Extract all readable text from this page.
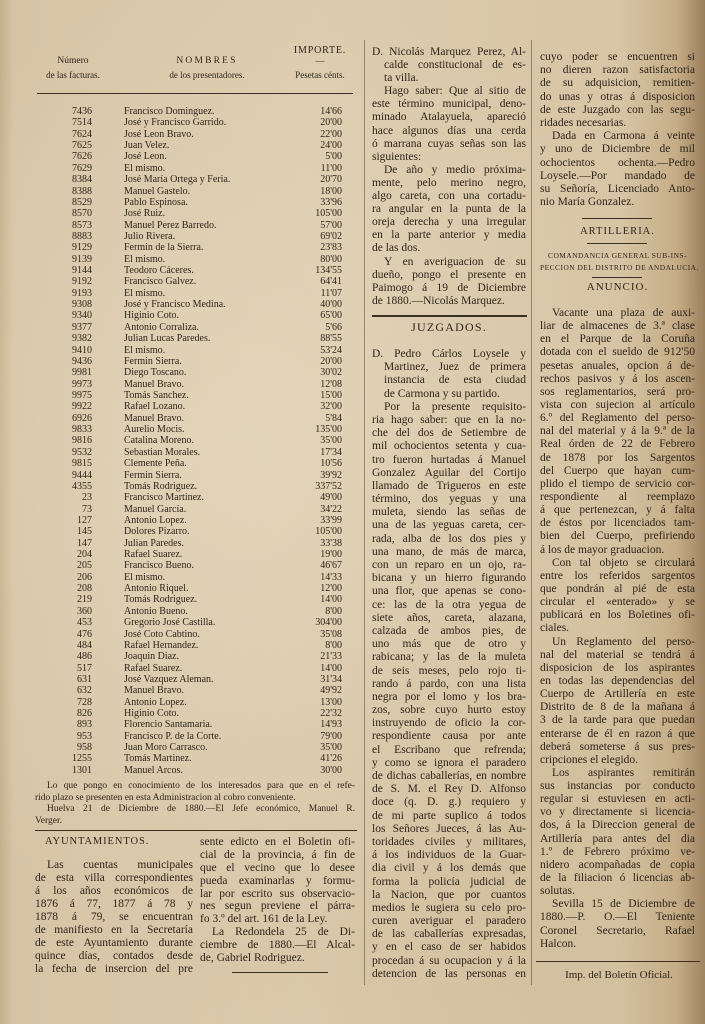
IMPORTE.
Número	NOMBRES	—
de las facturas.	de los presentadores.	Pesetas cénts.
7436	Francisco Dominguez.	14'66
7514	José y Francisco Garrido.	20'00
7624	José Leon Bravo.	22'00
7625	Juan Velez.	24'00
7626	José Leon.	5'00
7629	El mismo.	11'00
8384	José María Ortega y Feria.	20'70
8388	Manuel Gastelo.	18'00
8529	Pablo Espinosa.	33'96
8570	José Ruiz.	105'00
8573	Manuel Perez Barredo.	57'00
8883	Julio Rivera.	69'02
9129	Fermin de la Sierra.	23'83
9139	El mismo.	80'00
9144	Teodoro Cáceres.	134'55
9192	Francisco Galvez.	64'41
9193	El mismo.	11'07
9308	José y Francisco Medina.	40'00
9340	Higinio Coto.	65'00
9377	Antonio Corraliza.	5'66
9382	Julian Lucas Paredes.	88'55
9410	El mismo.	53'24
9436	Fermin Sierra.	20'00
9981	Diego Toscano.	30'02
9973	Manuel Bravo.	12'08
9975	Tomás Sanchez.	15'00
9922	Rafael Lozano.	32'00
6926	Manuel Bravo.	5'84
9833	Aurelio Mocis.	135'00
9816	Catalina Moreno.	35'00
9532	Sebastian Morales.	17'34
9815	Clemente Peña.	10'56
9444	Fermin Sierra.	39'92
4355	Tomás Rodriguez.	337'52
23	Francisco Martinez.	49'00
73	Manuel García.	34'22
127	Antonio Lopez.	33'99
145	Dolores Pizarro.	105'00
147	Julian Paredes.	33'38
204	Rafael Suarez.	19'00
205	Francisco Bueno.	46'67
206	El mismo.	14'33
208	Antonio Riquel.	12'00
219	Tomás Rodriguez.	14'00
360	Antonio Bueno.	8'00
453	Gregorio José Castilla.	304'00
476	José Coto Cabtino.	35'08
484	Rafael Hernandez.	8'00
486	Joaquin Diaz.	21'33
517	Rafael Suarez.	14'00
631	José Vazquez Aleman.	31'34
632	Manuel Bravo.	49'92
728	Antonio Lopez.	13'00
826	Higinio Coto.	22'32
893	Florencio Santamaria.	14'93
953	Francisco P. de la Corte.	79'00
958	Juan Moro Carrasco.	35'00
1255	Tomás Martinez.	41'26
1301	Manuel Arcos.	30'00
Lo que pongo en conocimiento de los interesados para que en el refe-
rido plazo se presenten en esta Administracion al cobro conveniente.
Huelva 21 de Diciembre de 1880.—El Jefe económico, Manuel R.
Verger.
AYUNTAMIENTOS.
Las cuentas municipales
de esta villa correspondientes
á los años económicos de
1876 á 77, 1877 á 78 y
1878 á 79, se encuentran
de manifiesto en la Secretaría
de este Ayuntamiento durante
quince días, contados desde
la fecha de insercion del pre
sente edicto en el Boletin ofi-
cial de la provincia, á fin de
que el vecino que lo desee
pueda examinarlas y formu-
lar por escrito sus observacio-
nes segun previene el párra-
fo 3.º del art. 161 de la Ley.
La Redondela 25 de Di-
ciembre de 1880.—El Alcal-
de, Gabriel Rodriguez.
D. Nicolás Marquez Perez, Al-
calde constitucional de es-
ta villa.
Hago saber: Que al sitio de
este término municipal, deno-
minado Atalayuela, apareció
hace algunos días una cerda
ó marrana cuyas señas son las
siguientes:
De año y medio próxima-
mente, pelo merino negro,
algo careta, con una cortadu-
ra angular en la punta de la
oreja derecha y una irregular
en la parte anterior y media
de las dos.
Y en averiguacion de su
dueño, pongo el presente en
Paimogo á 19 de Diciembre
de 1880.—Nicolás Marquez.
JUZGADOS.
D. Pedro Cárlos Loysele y
Martinez, Juez de primera
instancia de esta ciudad
de Carmona y su partido.
Por la presente requisito-
ria hago saber: que en la no-
che del dos de Setiembre de
mil ochocientos setenta y cua-
tro fueron hurtadas á Manuel
Gonzalez Aguilar del Cortijo
llamado de Trigueros en este
término, dos yeguas y una
muleta, siendo las señas de
una de las yeguas careta, cer-
rada, alba de los dos pies y
una mano, de más de marca,
con un reparo en un ojo, ra-
bicana y un hierro figurando
una flor, que apenas se cono-
ce: las de la otra yegua de
siete años, careta, alazana,
calzada de ambos pies, de
uno más que de otro y
rabicana; y las de la muleta
de seis meses, pelo rojo ti-
rando á pardo, con una lista
negra por el lomo y los bra-
zos, sobre cuyo hurto estoy
instruyendo de oficio la cor-
respondiente causa por ante
el Escribano que refrenda;
y como se ignora el paradero
de dichas caballerías, en nombre
de S. M. el Rey D. Alfonso
doce (q. D. g.) requiero y
de mi parte suplico á todos
los Señores Jueces, á las Au-
toridades civiles y militares,
á los individuos de la Guar-
dia civil y á los demás que
forma la policía judicial de
la Nacion, que por cuantos
medios le sugiera su celo pro-
curen averiguar el paradero
de las caballerías expresadas,
y en el caso de ser habidos
procedan á su ocupacion y á la
detencion de las personas en
cuyo poder se encuentren si
no dieren razon satisfactoria
de su adquisicion, remitien-
do unas y otras á disposicion
de este Juzgado con las segu-
ridades necesarias.
Dada en Carmona á veinte
y uno de Diciembre de mil
ochocientos ochenta.—Pedro
Loysele.—Por mandado de
su Señoría, Licenciado Anto-
nio María Gonzalez.
ARTILLERIA.
COMANDANCIA GENERAL SUB-INS-
PECCION DEL DISTRITO DE ANDALUCIA.
ANUNCIO.
Vacante una plaza de auxi-
liar de almacenes de 3.ª clase
en el Parque de la Coruña
dotada con el sueldo de 912'50
pesetas anuales, opcion á de-
rechos pasivos y á los ascen-
sos reglamentarios, será pro-
vista con sujecion al artículo
6.º del Reglamento del perso-
nal del material y á la 9.ª de la
Real órden de 22 de Febrero
de 1878 por los Sargentos
del Cuerpo que hayan cum-
plido el tiempo de servicio cor-
respondiente al reemplazo
á que pertenezcan, y á falta
de éstos por licenciados tam-
bien del Cuerpo, prefiriendo
á los de mayor graduacion.
Con tal objeto se circulará
entre los referidos sargentos
que pondrán al pié de esta
circular el «enterado» y se
publicará en los Boletines ofi-
ciales.
Un Reglamento del perso-
nal del material se tendrá á
disposicion de los aspirantes
en todas las dependencias del
Cuerpo de Artillería en este
Distrito de 8 de la mañana á
3 de la tarde para que puedan
enterarse de él en razon á que
deberá someterse á sus pres-
cripciones el elegido.
Los aspirantes remitirán
sus instancias por conducto
regular si estuviesen en acti-
vo y directamente si licencia-
dos, á la Direccion general de
Artillería para antes del dia
1.º de Febrero próximo ve-
nidero acompañadas de copia
de la filiacion ó licencias ab-
solutas.
Sevilla 15 de Diciembre de
1880.—P. O.—El Teniente
Coronel Secretario, Rafael
Halcon.
Imp. del Boletín Oficial.
